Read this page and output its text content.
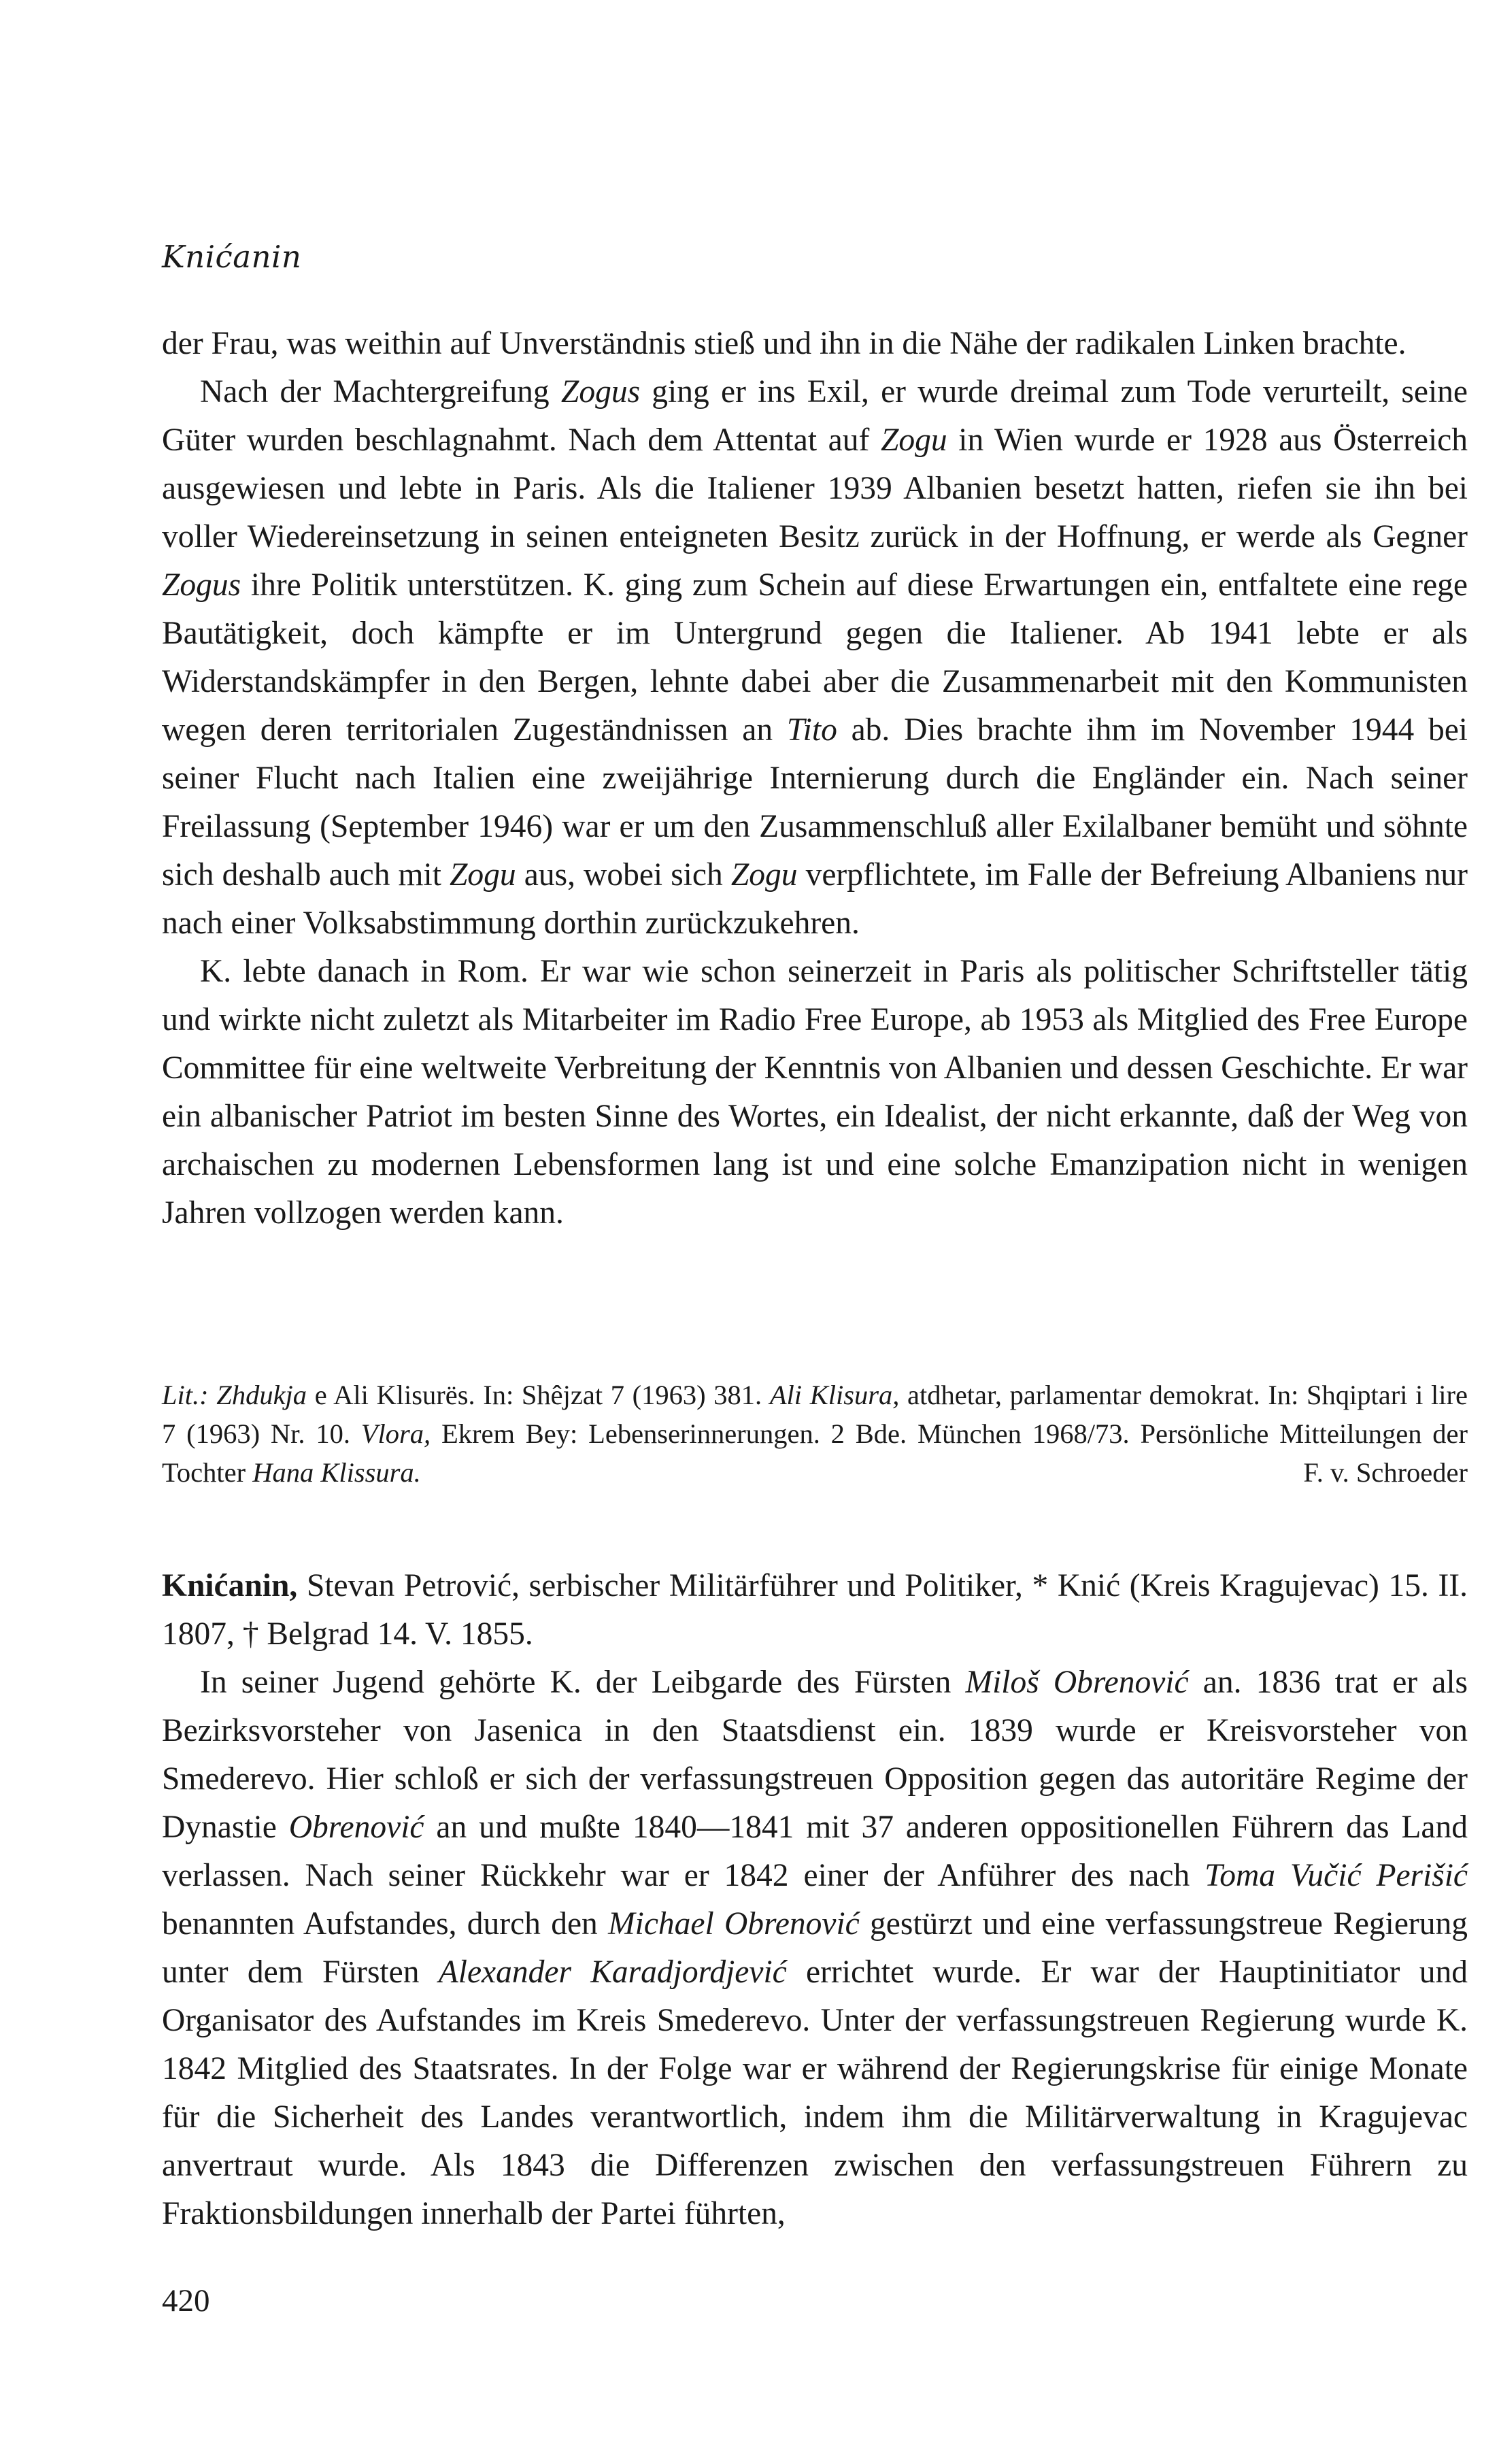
Knićanin

der Frau, was weithin auf Unverständnis stieß und ihn in die Nähe der radikalen Linken brachte.

Nach der Machtergreifung Zogus ging er ins Exil, er wurde dreimal zum Tode verurteilt, seine Güter wurden beschlagnahmt. Nach dem Attentat auf Zogu in Wien wurde er 1928 aus Österreich ausgewiesen und lebte in Paris. Als die Italiener 1939 Albanien besetzt hatten, riefen sie ihn bei voller Wiedereinsetzung in seinen enteigneten Besitz zurück in der Hoffnung, er werde als Gegner Zogus ihre Politik unterstützen. K. ging zum Schein auf diese Erwartungen ein, entfaltete eine rege Bautätigkeit, doch kämpfte er im Untergrund gegen die Italiener. Ab 1941 lebte er als Widerstandskämpfer in den Bergen, lehnte dabei aber die Zusammenarbeit mit den Kommunisten wegen deren territorialen Zugeständnissen an Tito ab. Dies brachte ihm im November 1944 bei seiner Flucht nach Italien eine zweijährige Internierung durch die Engländer ein. Nach seiner Freilassung (September 1946) war er um den Zusammenschluß aller Exilalbaner bemüht und söhnte sich deshalb auch mit Zogu aus, wobei sich Zogu verpflichtete, im Falle der Befreiung Albaniens nur nach einer Volksabstimmung dorthin zurückzukehren.

K. lebte danach in Rom. Er war wie schon seinerzeit in Paris als politischer Schriftsteller tätig und wirkte nicht zuletzt als Mitarbeiter im Radio Free Europe, ab 1953 als Mitglied des Free Europe Committee für eine weltweite Verbreitung der Kenntnis von Albanien und dessen Geschichte. Er war ein albanischer Patriot im besten Sinne des Wortes, ein Idealist, der nicht erkannte, daß der Weg von archaischen zu modernen Lebensformen lang ist und eine solche Emanzipation nicht in wenigen Jahren vollzogen werden kann.

Lit.: Zhdukja e Ali Klisurës. In: Shêjzat 7 (1963) 381. Ali Klisura, atdhetar, parlamentar demokrat. In: Shqiptari i lire 7 (1963) Nr. 10. Vlora, Ekrem Bey: Lebenserinnerungen. 2 Bde. München 1968/73. Persönliche Mitteilungen der Tochter Hana Klissura.	F. v. Schroeder

Knićanin, Stevan Petrović, serbischer Militärführer und Politiker, * Knić (Kreis Kragujevac) 15. II. 1807, † Belgrad 14. V. 1855.

In seiner Jugend gehörte K. der Leibgarde des Fürsten Miloš Obrenović an. 1836 trat er als Bezirksvorsteher von Jasenica in den Staatsdienst ein. 1839 wurde er Kreisvorsteher von Smederevo. Hier schloß er sich der verfassungstreuen Opposition gegen das autoritäre Regime der Dynastie Obrenović an und mußte 1840—1841 mit 37 anderen oppositionellen Führern das Land verlassen. Nach seiner Rückkehr war er 1842 einer der Anführer des nach Toma Vučić Perišić benannten Aufstandes, durch den Michael Obrenović gestürzt und eine verfassungstreue Regierung unter dem Fürsten Alexander Karadjordjević errichtet wurde. Er war der Hauptinitiator und Organisator des Aufstandes im Kreis Smederevo. Unter der verfassungstreuen Regierung wurde K. 1842 Mitglied des Staatsrates. In der Folge war er während der Regierungskrise für einige Monate für die Sicherheit des Landes verantwortlich, indem ihm die Militärverwaltung in Kragujevac anvertraut wurde. Als 1843 die Differenzen zwischen den verfassungstreuen Führern zu Fraktionsbildungen innerhalb der Partei führten,

420
